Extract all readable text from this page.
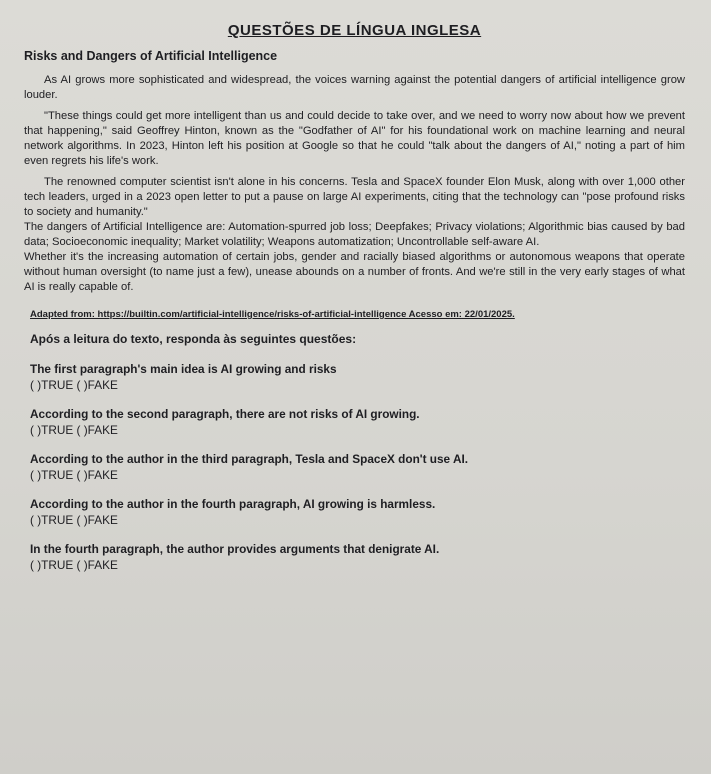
QUESTÕES DE LÍNGUA INGLESA
Risks and Dangers of Artificial Intelligence

As AI grows more sophisticated and widespread, the voices warning against the potential dangers of artificial intelligence grow louder.

"These things could get more intelligent than us and could decide to take over, and we need to worry now about how we prevent that happening," said Geoffrey Hinton, known as the "Godfather of AI" for his foundational work on machine learning and neural network algorithms. In 2023, Hinton left his position at Google so that he could "talk about the dangers of AI," noting a part of him even regrets his life's work.

The renowned computer scientist isn't alone in his concerns. Tesla and SpaceX founder Elon Musk, along with over 1,000 other tech leaders, urged in a 2023 open letter to put a pause on large AI experiments, citing that the technology can "pose profound risks to society and humanity."

The dangers of Artificial Intelligence are: Automation-spurred job loss; Deepfakes; Privacy violations; Algorithmic bias caused by bad data; Socioeconomic inequality; Market volatility; Weapons automatization; Uncontrollable self-aware AI.

Whether it's the increasing automation of certain jobs, gender and racially biased algorithms or autonomous weapons that operate without human oversight (to name just a few), unease abounds on a number of fronts. And we're still in the very early stages of what AI is really capable of.

Adapted from: https://builtin.com/artificial-intelligence/risks-of-artificial-intelligence Acesso em: 22/01/2025.
Após a leitura do texto, responda às seguintes questões:
The first paragraph's main idea is AI growing and risks
( )TRUE ( )FAKE
According to the second paragraph, there are not risks of AI growing.
( )TRUE ( )FAKE
According to the author in the third paragraph, Tesla and SpaceX don't use AI.
( )TRUE ( )FAKE
According to the author in the fourth paragraph, AI growing is harmless.
( )TRUE ( )FAKE
In the fourth paragraph, the author provides arguments that denigrate AI.
( )TRUE ( )FAKE
